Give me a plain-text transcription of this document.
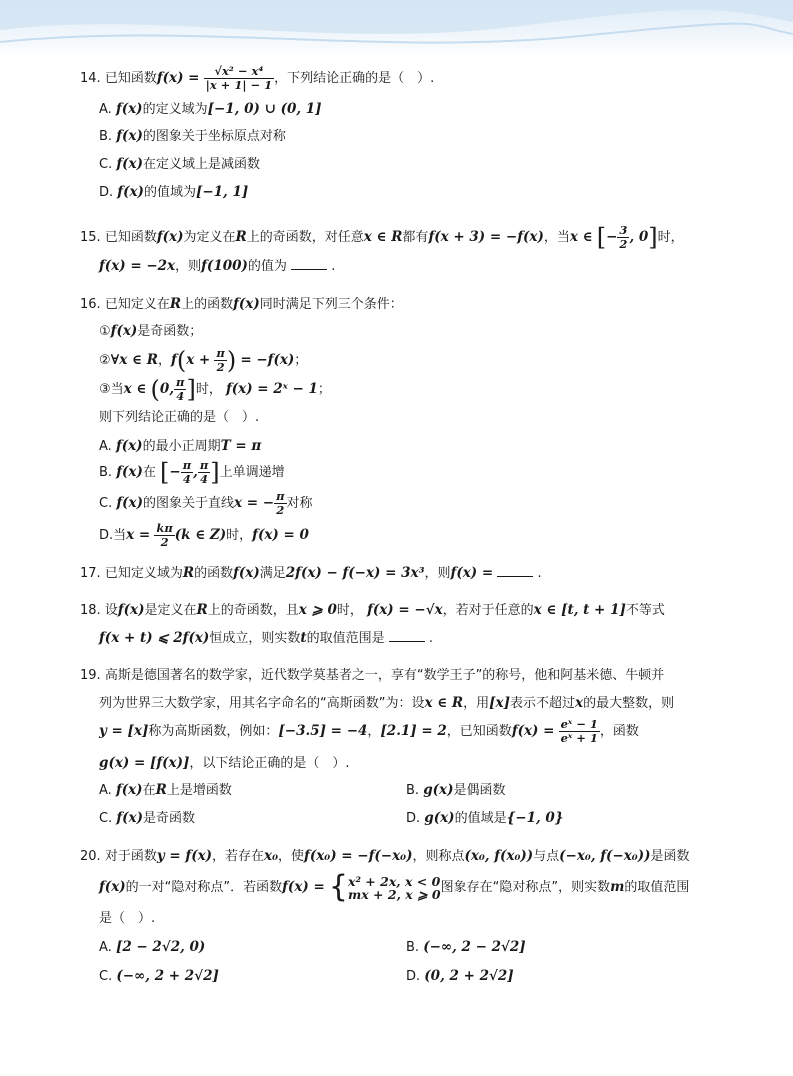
14. 已知函数$f(x) = \frac{\text{√x² − x⁴}}{|x + 1| - 1}$ ，下列结论正确的是（　）.
A. f(x)的定义域为[−1, 0) ∪ (0, 1]
B. f(x)的图象关于坐标原点对称
C. f(x)在定义域上是减函数
D. f(x)的值域为[−1, 1]
15. 已知函数f(x)为定义在R上的奇函数，对任意x ∈ R都有f(x + 3) = −f(x)，当x ∈ [− $\frac{3}{2}$ , 0]时，
f(x) = −2x，则f(100)的值为	.
16. 已知定义在R上的函数f(x)同时满足下列三个条件：
①f(x)是奇函数；
②∀x ∈ R，$f(x + \frac{\pi}{2}$ ) = −f(x)；
③当x ∈ (0, $\frac{\pi}{4}$ ]时， f(x) = 2ˣ − 1；
则下列结论正确的是（　）.
A. f(x)的最小正周期T = π
B. f(x)在 [− $\frac{\pi}{4}$ , $\frac{\pi}{4}$ ]上单调递增
C. f(x)的图象关于直线x = − $\frac{\pi}{2}$ 对称
D.当$x = \frac{k\pi}{2} (k$ ∈ Z)时，f(x) = 0
17. 已知定义域为R的函数f(x)满足2f(x) − f(−x) = 3x³，则f(x) =	.
18. 设f(x)是定义在R上的奇函数，且x ⩾ 0时， f(x) = −√x，若对于任意的x ∈ [t, t + 1]不等式
f(x + t) ⩽ 2f(x)恒成立，则实数t的取值范围是	.
19. 高斯是德国著名的数学家，近代数学莫基者之一，享有“数学王子”的称号，他和阿基米德、牛顿并
列为世界三大数学家，用其名字命名的“高斯函数”为：设x ∈ R，用[x]表示不超过x的最大整数，则
y = [x]称为高斯函数，例如：[−3.5] = −4，[2.1] = 2，已知函数$f(x) = \frac{\text{eˣ − 1}}{\text{eˣ + 1}}$ ，函数
g(x) = [f(x)]，以下结论正确的是（　）.
A. f(x)在R上是增函数	B. g(x)是偶函数
C. f(x)是奇函数	D. g(x)的值域是{−1, 0}
20. 对于函数y = f(x)，若存在x₀，使f(x₀) = −f(−x₀)，则称点(x₀, f(x₀))与点(−x₀, f(−x₀))是函数
f(x)的一对“隐对称点”．若函数f(x) = { x² + 2x, x < 0
mx + 2, x ⩾ 0 图象存在“隐对称点”，则实数m的取值范围
是（　）.
A. [2 − 2√2, 0)	B. (−∞, 2 − 2√2]
C. (−∞, 2 + 2√2]	D. (0, 2 + 2√2]
